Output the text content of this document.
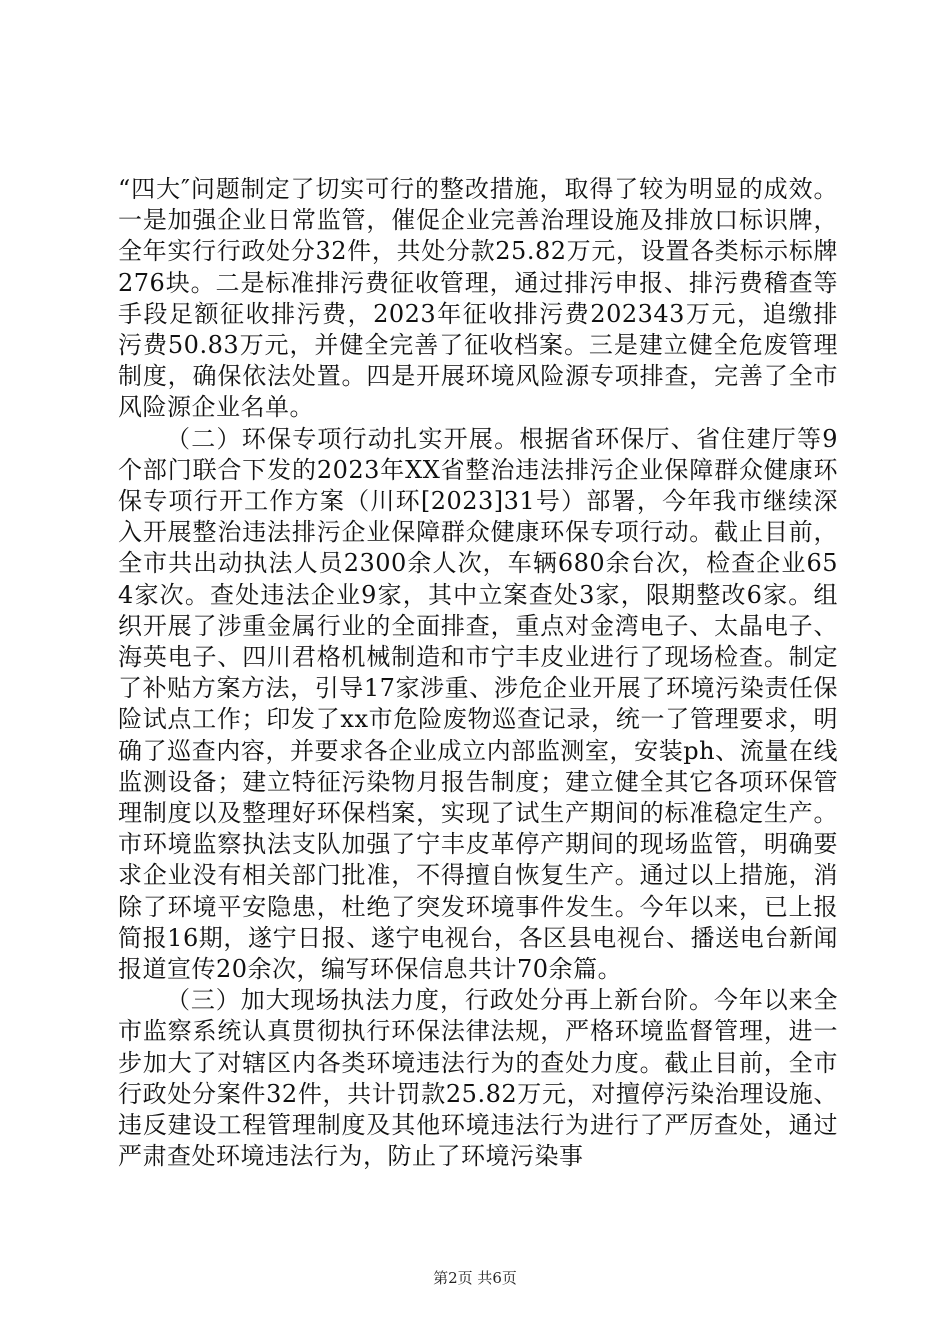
“四大″问题制定了切实可行的整改措施，取得了较为明显的成效。一是加强企业日常监管，催促企业完善治理设施及排放口标识牌，全年实行行政处分32件，共处分款25.82万元，设置各类标示标牌276块。二是标准排污费征收管理，通过排污申报、排污费稽查等手段足额征收排污费，2023年征收排污费202343万元，追缴排污费50.83万元，并健全完善了征收档案。三是建立健全危废管理制度，确保依法处置。四是开展环境风险源专项排查，完善了全市风险源企业名单。

（二）环保专项行动扎实开展。根据省环保厅、省住建厅等9个部门联合下发的2023年XX省整治违法排污企业保障群众健康环保专项行开工作方案（川环[2023]31号）部署，今年我市继续深入开展整治违法排污企业保障群众健康环保专项行动。截止目前，全市共出动执法人员2300余人次，车辆680余台次，检查企业654家次。查处违法企业9家，其中立案查处3家，限期整改6家。组织开展了涉重金属行业的全面排查，重点对金湾电子、太晶电子、海英电子、四川君格机械制造和市宁丰皮业进行了现场检查。制定了补贴方案方法，引导17家涉重、涉危企业开展了环境污染责任保险试点工作；印发了xx市危险废物巡查记录，统一了管理要求，明确了巡查内容，并要求各企业成立内部监测室，安装ph、流量在线监测设备；建立特征污染物月报告制度；建立健全其它各项环保管理制度以及整理好环保档案，实现了试生产期间的标准稳定生产。市环境监察执法支队加强了宁丰皮革停产期间的现场监管，明确要求企业没有相关部门批准，不得擅自恢复生产。通过以上措施，消除了环境平安隐患，杜绝了突发环境事件发生。今年以来，已上报简报16期，遂宁日报、遂宁电视台，各区县电视台、播送电台新闻报道宣传20余次，编写环保信息共计70余篇。

（三）加大现场执法力度，行政处分再上新台阶。今年以来全市监察系统认真贯彻执行环保法律法规，严格环境监督管理，进一步加大了对辖区内各类环境违法行为的查处力度。截止目前，全市行政处分案件32件，共计罚款25.82万元，对擅停污染治理设施、违反建设工程管理制度及其他环境违法行为进行了严厉查处，通过严肃查处环境违法行为，防止了环境污染事

第2页 共6页
